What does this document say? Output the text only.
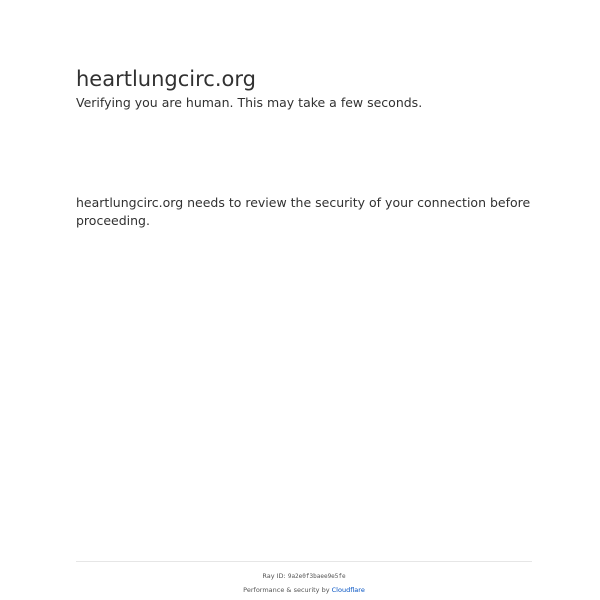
heartlungcirc.org

Verifying you are human. This may take a few seconds.

heartlungcirc.org needs to review the security of your connection before proceeding.

Ray ID: 9a2e0f3baee9e5fe
Performance & security by Cloudflare
